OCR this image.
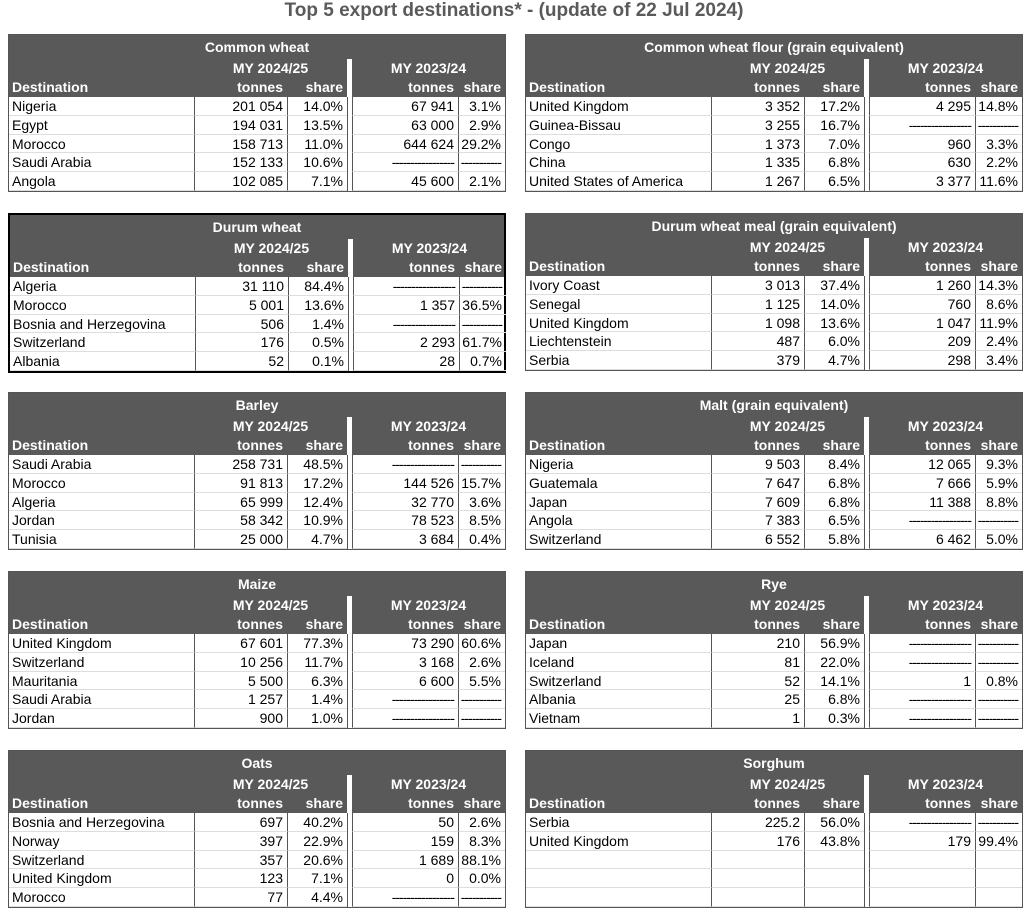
Top 5 export destinations* - (update of 22 Jul 2024)
Common wheat
MY 2024/25	MY 2023/24
Destination	tonnes	share	tonnes share
Nigeria	201 054	14.0%	67 941	3.1%
Egypt	194 031	13.5%	63 000	2.9%
Morocco	158 713	11.0%	644 624 29.2%
Saudi Arabia	152 133	10.6%	----------------- -----------
Angola	102 085	7.1%	45 600	2.1%
Common wheat flour (grain equivalent)
MY 2024/25	MY 2023/24
Destination	tonnes	share	tonnes share
United Kingdom	3 352	17.2%	4 295 14.8%
Guinea-Bissau	3 255	16.7%	----------------- -----------
Congo	1 373	7.0%	960	3.3%
China	1 335	6.8%	630	2.2%
United States of America	1 267	6.5%	3 377 11.6%
Durum wheat
MY 2024/25	MY 2023/24
Destination	tonnes	share	tonnes share
Algeria	31 110	84.4%	----------------- -----------
Morocco	5 001	13.6%	1 357 36.5%
Bosnia and Herzegovina	506	1.4%	----------------- -----------
Switzerland	176	0.5%	2 293 61.7%
Albania	52	0.1%	28	0.7%
Durum wheat meal (grain equivalent)
MY 2024/25	MY 2023/24
Destination	tonnes	share	tonnes share
Ivory Coast	3 013	37.4%	1 260 14.3%
Senegal	1 125	14.0%	760	8.6%
United Kingdom	1 098	13.6%	1 047 11.9%
Liechtenstein	487	6.0%	209	2.4%
Serbia	379	4.7%	298	3.4%
Barley
MY 2024/25	MY 2023/24
Destination	tonnes	share	tonnes share
Saudi Arabia	258 731	48.5%	----------------- -----------
Morocco	91 813	17.2%	144 526 15.7%
Algeria	65 999	12.4%	32 770	3.6%
Jordan	58 342	10.9%	78 523	8.5%
Tunisia	25 000	4.7%	3 684	0.4%
Malt (grain equivalent)
MY 2024/25	MY 2023/24
Destination	tonnes	share	tonnes share
Nigeria	9 503	8.4%	12 065	9.3%
Guatemala	7 647	6.8%	7 666	5.9%
Japan	7 609	6.8%	11 388	8.8%
Angola	7 383	6.5%	----------------- -----------
Switzerland	6 552	5.8%	6 462	5.0%
Maize
MY 2024/25	MY 2023/24
Destination	tonnes	share	tonnes share
United Kingdom	67 601	77.3%	73 290 60.6%
Switzerland	10 256	11.7%	3 168	2.6%
Mauritania	5 500	6.3%	6 600	5.5%
Saudi Arabia	1 257	1.4%	----------------- -----------
Jordan	900	1.0%	----------------- -----------
Rye
MY 2024/25	MY 2023/24
Destination	tonnes	share	tonnes share
Japan	210	56.9%	----------------- -----------
Iceland	81	22.0%	----------------- -----------
Switzerland	52	14.1%	1	0.8%
Albania	25	6.8%	----------------- -----------
Vietnam	1	0.3%	----------------- -----------
Oats
MY 2024/25	MY 2023/24
Destination	tonnes	share	tonnes share
Bosnia and Herzegovina	697	40.2%	50	2.6%
Norway	397	22.9%	159	8.3%
Switzerland	357	20.6%	1 689 88.1%
United Kingdom	123	7.1%	0	0.0%
Morocco	77	4.4%	----------------- -----------
Sorghum
MY 2024/25	MY 2023/24
Destination	tonnes	share	tonnes share
Serbia	225.2	56.0%	----------------- -----------
United Kingdom	176	43.8%	179 99.4%
